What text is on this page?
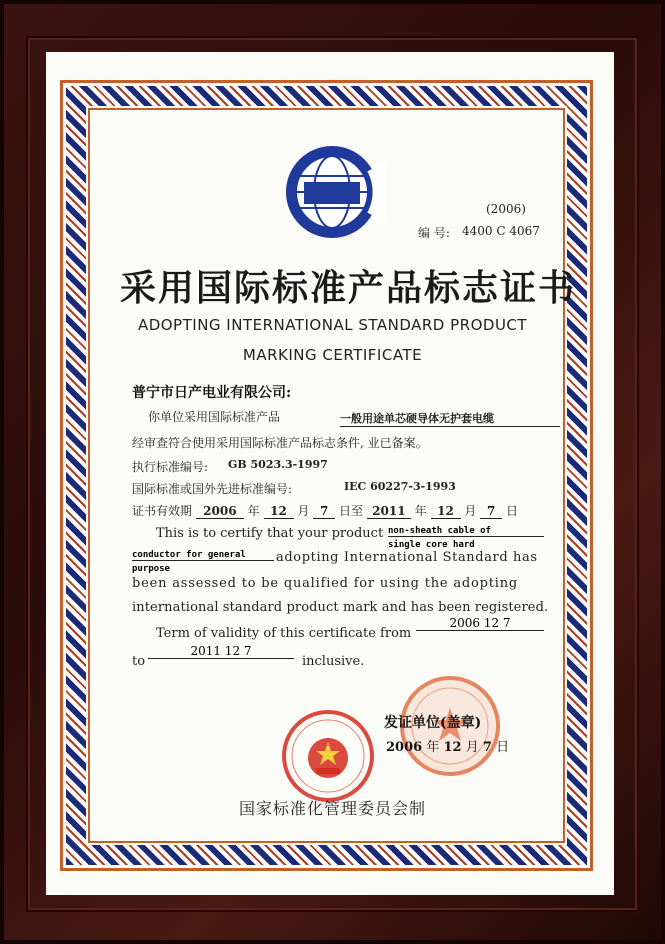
(2006)
编 号: 4400 C 4067
采用国际标准产品标志证书
ADOPTING INTERNATIONAL STANDARD PRODUCT
MARKING CERTIFICATE
普宁市日产电业有限公司:
你单位采用国际标准产品	一般用途单芯硬导体无护套电缆
经审查符合使用采用国际标准产品标志条件, 业已备案。
执行标准编号: GB 5023.3-1997
国际标准或国外先进标准编号:	IEC 60227-3-1993
证书有效期 2006 年 12 月 7 日至 2011 年 12 月 7 日
This is to certify that your product non-sheath cable of
single core hard
conductor for general
purpose
adopting International Standard has
been assessed to be qualified for using the adopting
international standard product mark and has been registered.
Term of validity of this certificate from
2006 12 7
to
2011 12 7
inclusive.
发证单位(盖章)
2006 年 12 月 7 日
国家标准化管理委员会制
